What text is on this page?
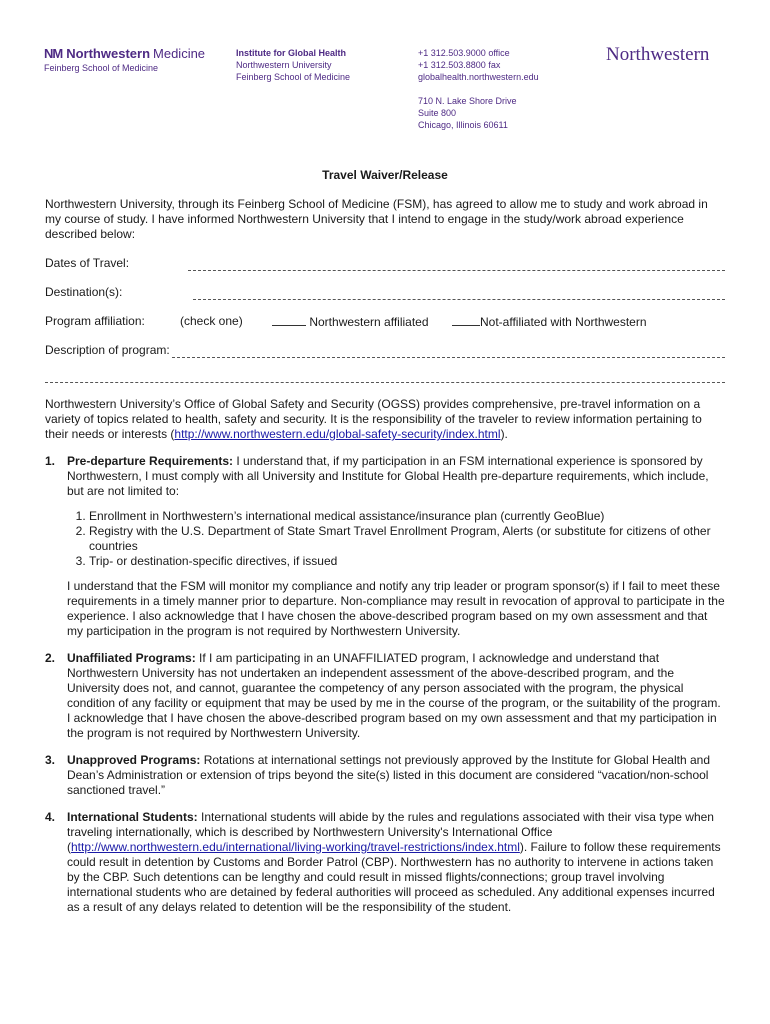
NM Northwestern Medicine
Feinberg School of Medicine
Institute for Global Health
Northwestern University
Feinberg School of Medicine
+1 312.503.9000 office
+1 312.503.8800 fax
globalhealth.northwestern.edu
710 N. Lake Shore Drive
Suite 800
Chicago, Illinois 60611
Northwestern
Travel Waiver/Release

Northwestern University, through its Feinberg School of Medicine (FSM), has agreed to allow me to study and work abroad in my course of study. I have informed Northwestern University that I intend to engage in the study/work abroad experience described below:

Dates of Travel:
Destination(s):
Program affiliation:	(check one)	Northwestern affiliated	Not-affiliated with Northwestern
Description of program:

Northwestern University’s Office of Global Safety and Security (OGSS) provides comprehensive, pre-travel information on a variety of topics related to health, safety and security. It is the responsibility of the traveler to review information pertaining to their needs or interests (http://www.northwestern.edu/global-safety-security/index.html).

1. Pre-departure Requirements: I understand that, if my participation in an FSM international experience is sponsored by Northwestern, I must comply with all University and Institute for Global Health pre-departure requirements, which include, but are not limited to:

1. Enrollment in Northwestern’s international medical assistance/insurance plan (currently GeoBlue)
2. Registry with the U.S. Department of State Smart Travel Enrollment Program, Alerts (or substitute for citizens of other countries
3. Trip- or destination-specific directives, if issued

I understand that the FSM will monitor my compliance and notify any trip leader or program sponsor(s) if I fail to meet these requirements in a timely manner prior to departure. Non-compliance may result in revocation of approval to participate in the experience. I also acknowledge that I have chosen the above-described program based on my own assessment and that my participation in the program is not required by Northwestern University.

2. Unaffiliated Programs: If I am participating in an UNAFFILIATED program, I acknowledge and understand that Northwestern University has not undertaken an independent assessment of the above-described program, and the University does not, and cannot, guarantee the competency of any person associated with the program, the physical condition of any facility or equipment that may be used by me in the course of the program, or the suitability of the program. I acknowledge that I have chosen the above-described program based on my own assessment and that my participation in the program is not required by Northwestern University.

3. Unapproved Programs: Rotations at international settings not previously approved by the Institute for Global Health and Dean’s Administration or extension of trips beyond the site(s) listed in this document are considered “vacation/non-school sanctioned travel.”

4. International Students: International students will abide by the rules and regulations associated with their visa type when traveling internationally, which is described by Northwestern University's International Office (http://www.northwestern.edu/international/living-working/travel-restrictions/index.html). Failure to follow these requirements could result in detention by Customs and Border Patrol (CBP). Northwestern has no authority to intervene in actions taken by the CBP. Such detentions can be lengthy and could result in missed flights/connections; group travel involving international students who are detained by federal authorities will proceed as scheduled. Any additional expenses incurred as a result of any delays related to detention will be the responsibility of the student.
